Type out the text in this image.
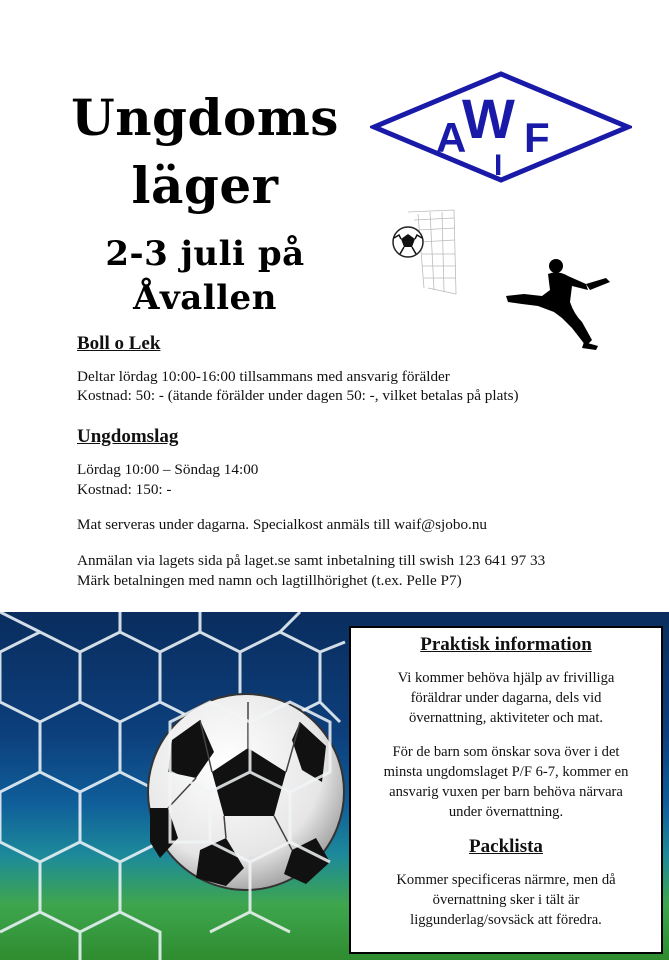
Ungdoms
läger
2-3 juli på
Åvallen
A
W
I
F
Boll o Lek

Deltar lördag 10:00-16:00 tillsammans med ansvarig förälder

Kostnad: 50: - (ätande förälder under dagen 50: -, vilket betalas på plats)

Ungdomslag

Lördag 10:00 – Söndag 14:00

Kostnad: 150: -

Mat serveras under dagarna. Specialkost anmäls till waif@sjobo.nu

Anmälan via lagets sida på laget.se samt inbetalning till swish 123 641 97 33

Märk betalningen med namn och lagtillhörighet (t.ex. Pelle P7)

Praktisk information

Vi kommer behöva hjälp av frivilliga

föräldrar under dagarna, dels vid

övernattning, aktiviteter och mat.

För de barn som önskar sova över i det

minsta ungdomslaget P/F 6-7, kommer en

ansvarig vuxen per barn behöva närvara

under övernattning.

Packlista

Kommer specificeras närmre, men då

övernattning sker i tält är

liggunderlag/sovsäck att föredra.
